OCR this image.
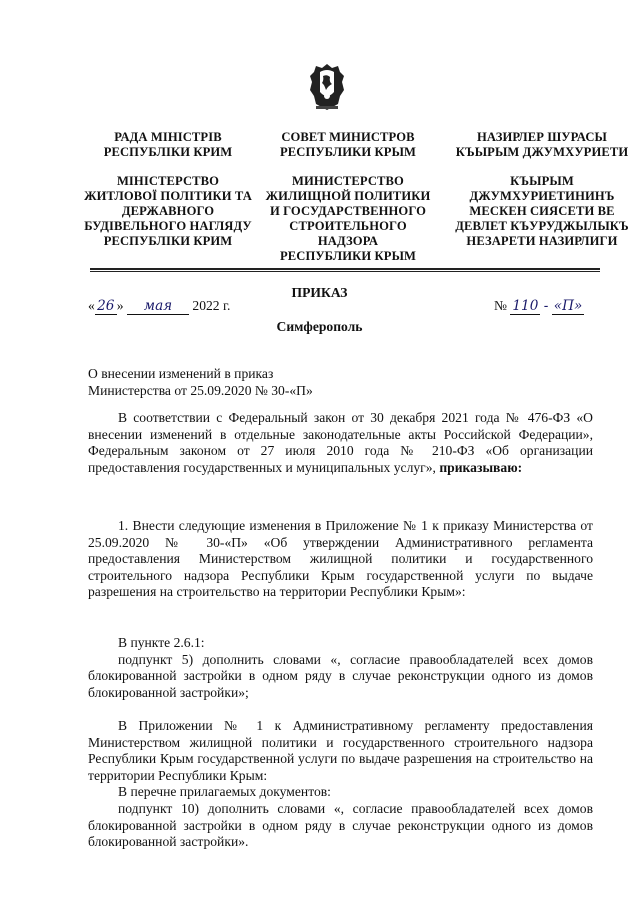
РАДА МІНІСТРІВ
РЕСПУБЛІКИ КРИМ
МІНІСТЕРСТВО
ЖИТЛОВОЇ ПОЛІТИКИ ТА
ДЕРЖАВНОГО
БУДІВЕЛЬНОГО НАГЛЯДУ
РЕСПУБЛІКИ КРИМ
СОВЕТ МИНИСТРОВ
РЕСПУБЛИКИ КРЫМ
МИНИСТЕРСТВО
ЖИЛИЩНОЙ ПОЛИТИКИ
И ГОСУДАРСТВЕННОГО
СТРОИТЕЛЬНОГО
НАДЗОРА
РЕСПУБЛИКИ КРЫМ
НАЗИРЛЕР ШУРАСЫ
КЪЫРЫМ ДЖУМХУРИЕТИ
КЪЫРЫМ
ДЖУМХУРИЕТИНИНЪ
МЕСКЕН СИЯСЕТИ ВЕ
ДЕВЛЕТ КЪУРУДЖЫЛЫКЪ
НЕЗАРЕТИ НАЗИРЛИГИ
ПРИКАЗ
« 26 » мая 2022 г.	№ 110 - «П»
Симферополь
О внесении изменений в приказ
Министерства от 25.09.2020 № 30-«П»

В соответствии с Федеральный закон от 30 декабря 2021 года № 476-ФЗ «О внесении изменений в отдельные законодательные акты Российской Федерации», Федеральным законом от 27 июля 2010 года № 210-ФЗ «Об организации предоставления государственных и муниципальных услуг», приказываю:

1. Внести следующие изменения в Приложение № 1 к приказу Министерства от 25.09.2020 № 30-«П» «Об утверждении Административного регламента предоставления Министерством жилищной политики и государственного строительного надзора Республики Крым государственной услуги по выдаче разрешения на строительство на территории Республики Крым»:

В пункте 2.6.1:

подпункт 5) дополнить словами «, согласие правообладателей всех домов блокированной застройки в одном ряду в случае реконструкции одного из домов блокированной застройки»;

В Приложении № 1 к Административному регламенту предоставления Министерством жилищной политики и государственного строительного надзора Республики Крым государственной услуги по выдаче разрешения на строительство на территории Республики Крым:

В перечне прилагаемых документов:

подпункт 10) дополнить словами «, согласие правообладателей всех домов блокированной застройки в одном ряду в случае реконструкции одного из домов блокированной застройки».
